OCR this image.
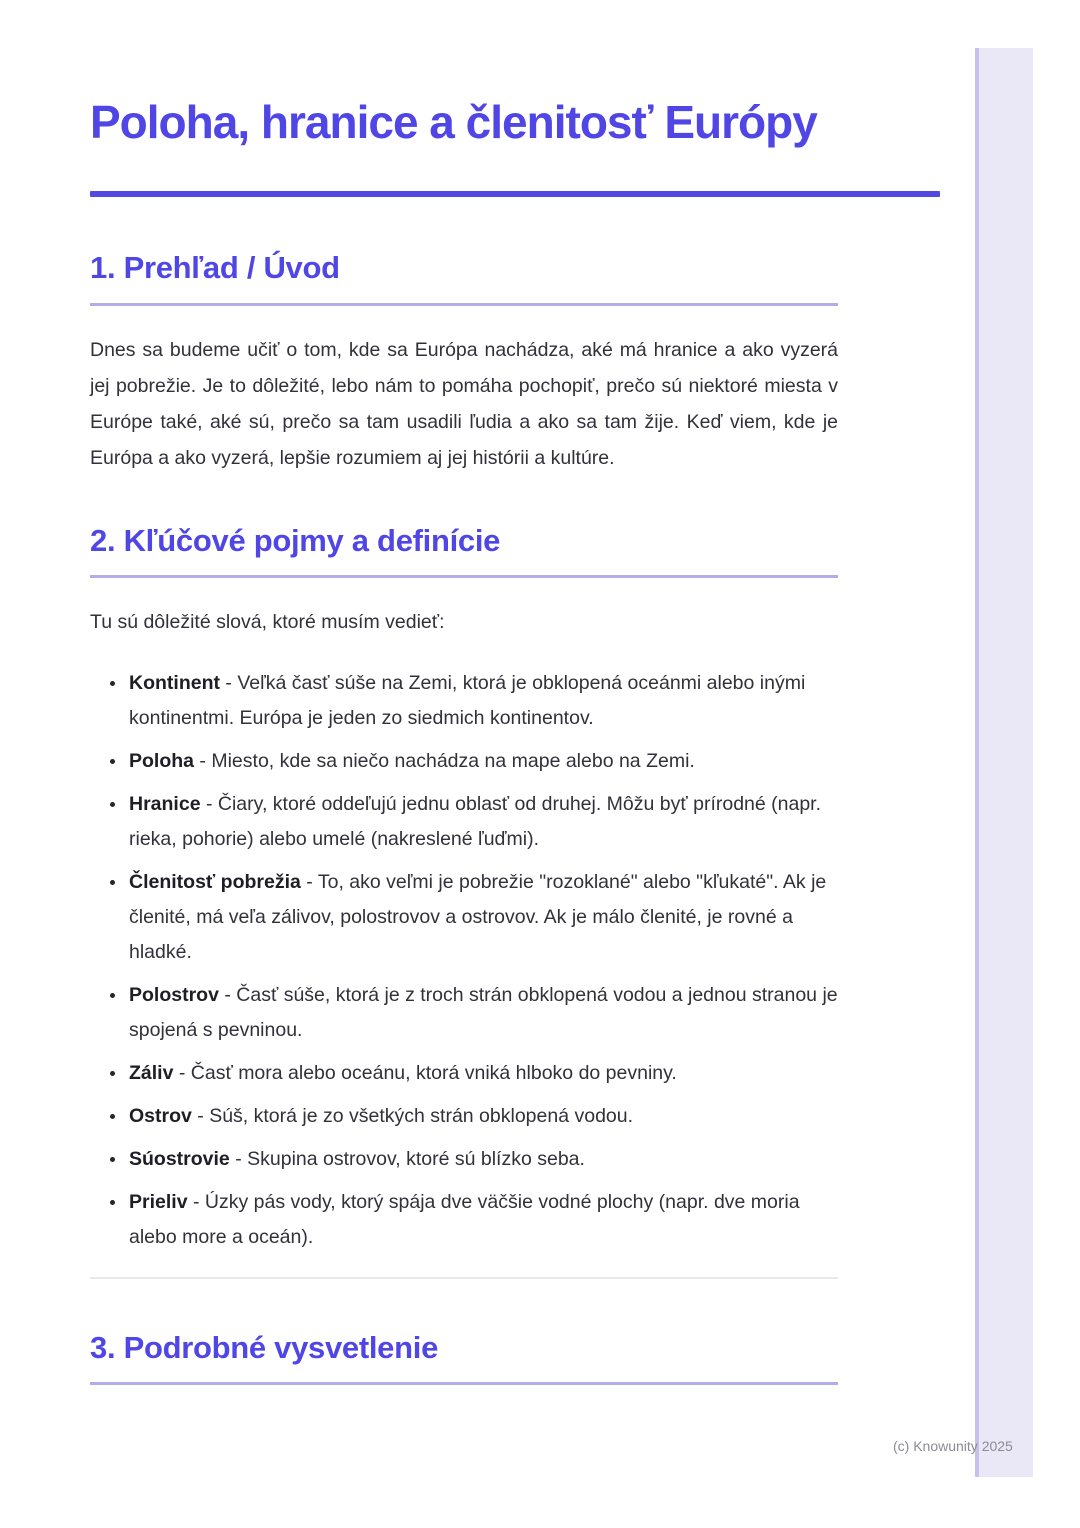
Poloha, hranice a členitosť Európy
1. Prehľad / Úvod

Dnes sa budeme učiť o tom, kde sa Európa nachádza, aké má hranice a ako vyzerá jej pobrežie. Je to dôležité, lebo nám to pomáha pochopiť, prečo sú niektoré miesta v Európe také, aké sú, prečo sa tam usadili ľudia a ako sa tam žije. Keď viem, kde je Európa a ako vyzerá, lepšie rozumiem aj jej histórii a kultúre.

2. Kľúčové pojmy a definície

Tu sú dôležité slová, ktoré musím vedieť:

• Kontinent - Veľká časť súše na Zemi, ktorá je obklopená oceánmi alebo inými kontinentmi. Európa je jeden zo siedmich kontinentov.
• Poloha - Miesto, kde sa niečo nachádza na mape alebo na Zemi.
• Hranice - Čiary, ktoré oddeľujú jednu oblasť od druhej. Môžu byť prírodné (napr. rieka, pohorie) alebo umelé (nakreslené ľuďmi).
• Členitosť pobrežia - To, ako veľmi je pobrežie "rozoklané" alebo "kľukaté". Ak je členité, má veľa zálivov, polostrovov a ostrovov. Ak je málo členité, je rovné a hladké.
• Polostrov - Časť súše, ktorá je z troch strán obklopená vodou a jednou stranou je spojená s pevninou.
• Záliv - Časť mora alebo oceánu, ktorá vniká hlboko do pevniny.
• Ostrov - Súš, ktorá je zo všetkých strán obklopená vodou.
• Súostrovie - Skupina ostrovov, ktoré sú blízko seba.
• Prieliv - Úzky pás vody, ktorý spája dve väčšie vodné plochy (napr. dve moria alebo more a oceán).
3. Podrobné vysvetlenie
(c) Knowunity 2025
